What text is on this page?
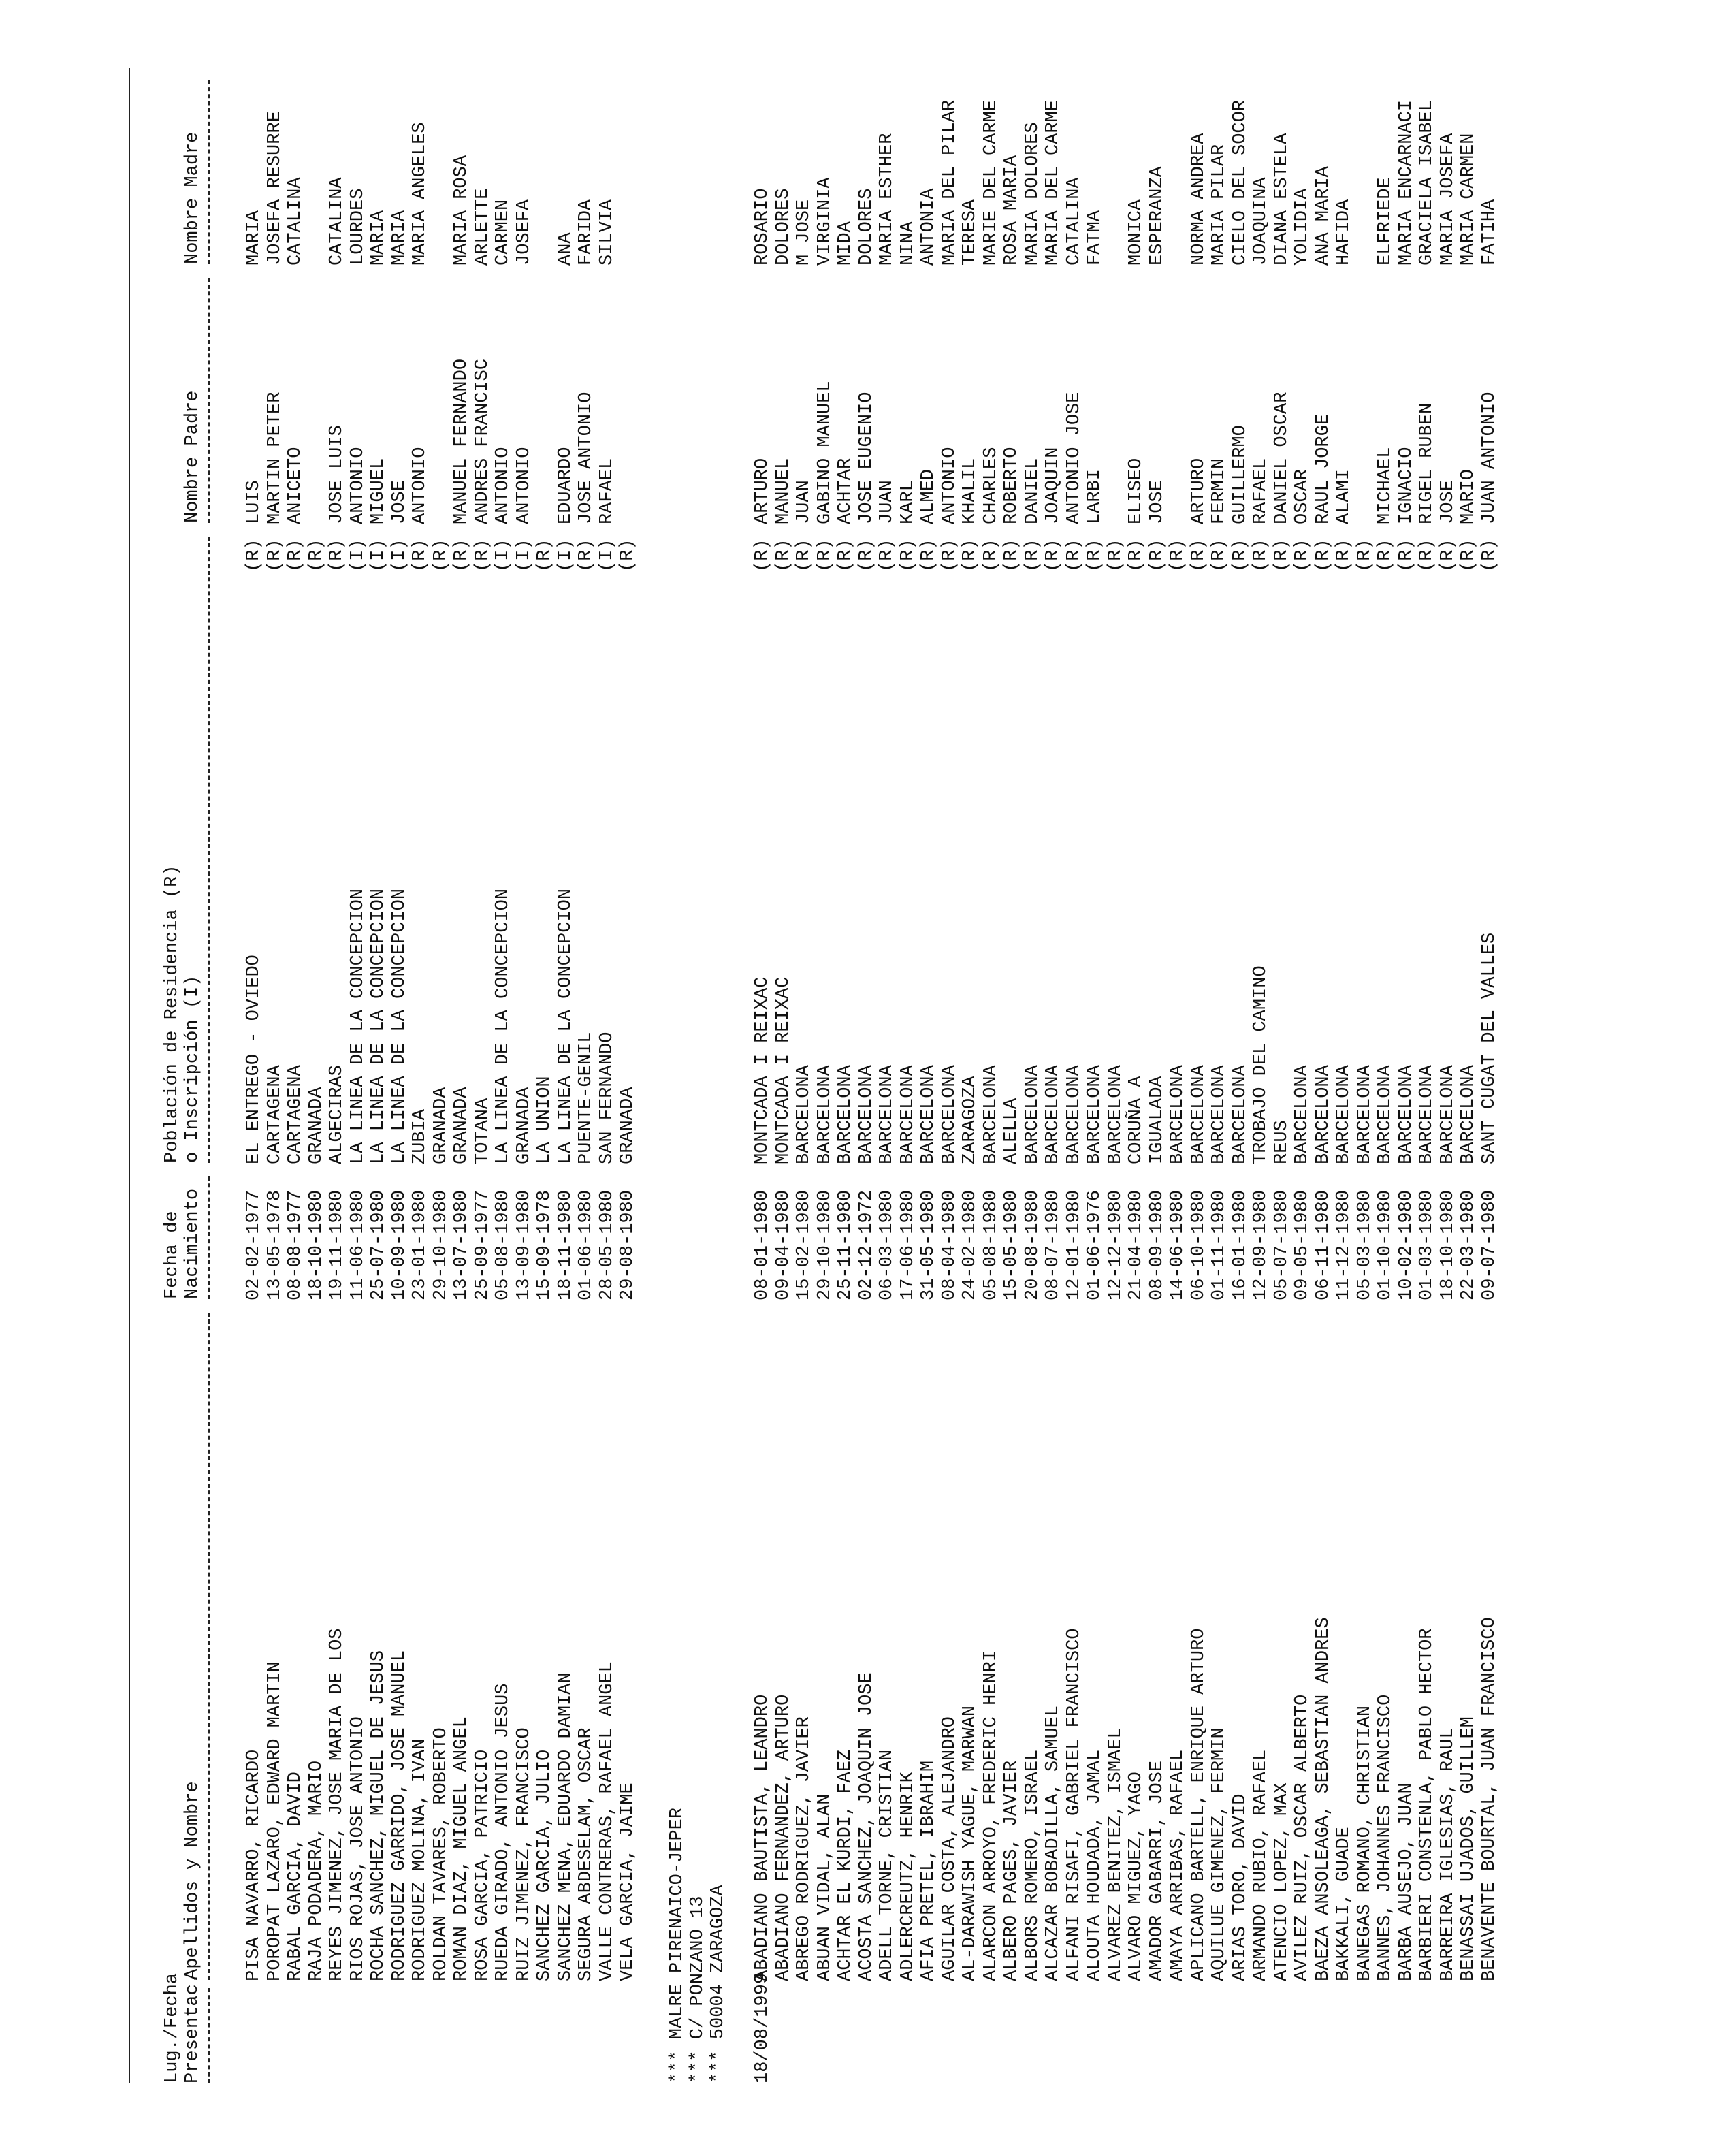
Lug./Fecha Presentac.
Apellidos y Nombre
Fecha de Nacimiento
Población de Residencia (R) o Inscripción (I)
Nombre Padre
Nombre Madre
PISA NAVARRO, RICARDO
02-02-1977
EL ENTREGO - OVIEDO
(R)
LUIS
MARIA
POROPAT LAZARO, EDWARD MARTIN
13-05-1978
CARTAGENA
(R)
MARTIN PETER
JOSEFA RESURRE
RABAL GARCIA, DAVID
08-08-1977
CARTAGENA
(R)
ANICETO
CATALINA
RAJA PODADERA, MARIO
18-10-1980
GRANADA
(R)
REYES JIMENEZ, JOSE MARIA DE LOS
19-11-1980
ALGECIRAS
(R)
JOSE LUIS
CATALINA
RIOS ROJAS, JOSE ANTONIO
11-06-1980
LA LINEA DE LA CONCEPCION
(I)
ANTONIO
LOURDES
ROCHA SANCHEZ, MIGUEL DE JESUS
25-07-1980
LA LINEA DE LA CONCEPCION
(I)
MIGUEL
MARIA
RODRIGUEZ GARRIDO, JOSE MANUEL
10-09-1980
LA LINEA DE LA CONCEPCION
(I)
JOSE
MARIA
RODRIGUEZ MOLINA, IVAN
23-01-1980
ZUBIA
(R)
ANTONIO
MARIA ANGELES
ROLDAN TAVARES, ROBERTO
29-10-1980
GRANADA
(R)
ROMAN DIAZ, MIGUEL ANGEL
13-07-1980
GRANADA
(R)
MANUEL FERNANDO
MARIA ROSA
ROSA GARCIA, PATRICIO
25-09-1977
TOTANA
(R)
ANDRES FRANCISC
ARLETTE
RUEDA GIRADO, ANTONIO JESUS
05-08-1980
LA LINEA DE LA CONCEPCION
(I)
ANTONIO
CARMEN
RUIZ JIMENEZ, FRANCISCO
13-09-1980
GRANADA
(I)
ANTONIO
JOSEFA
SANCHEZ GARCIA, JULIO
15-09-1978
LA UNION
(R)
SANCHEZ MENA, EDUARDO DAMIAN
18-11-1980
LA LINEA DE LA CONCEPCION
(I)
EDUARDO
ANA
SEGURA ABDESELAM, OSCAR
01-06-1980
PUENTE-GENIL
(R)
JOSE ANTONIO
FARIDA
VALLE CONTRERAS, RAFAEL ANGEL
28-05-1980
SAN FERNANDO
(I)
RAFAEL
SILVIA
VELA GARCIA, JAIME
29-08-1980
GRANADA
(R)
*** MALRE PIRENAICO-JEPER *** C/ PONZANO 13 *** 50004 ZARAGOZA 18/08/1999
ABADIANO BAUTISTA, LEANDRO
08-01-1980
MONTCADA I REIXAC
(R)
ARTURO
ROSARIO
ABADIANO FERNANDEZ, ARTURO
09-04-1980
MONTCADA I REIXAC
(R)
MANUEL
DOLORES
ABREGO RODRIGUEZ, JAVIER
15-02-1980
BARCELONA
(R)
JUAN
M JOSE
ABUAN VIDAL, ALAN
29-10-1980
BARCELONA
(R)
GABINO MANUEL
VIRGINIA
ACHTAR EL KURDI, FAEZ
25-11-1980
BARCELONA
(R)
ACHTAR
MIDA
ACOSTA SANCHEZ, JOAQUIN JOSE
02-12-1972
BARCELONA
(R)
JOSE EUGENIO
DOLORES
ADELL TORNE, CRISTIAN
06-03-1980
BARCELONA
(R)
JUAN
MARIA ESTHER
ADLERCREUTZ, HENRIK
17-06-1980
BARCELONA
(R)
KARL
NINA
AFIA PRETEL, IBRAHIM
31-05-1980
BARCELONA
(R)
ALMED
ANTONIA
AGUILAR COSTA, ALEJANDRO
08-04-1980
BARCELONA
(R)
ANTONIO
MARIA DEL PILAR
AL-DARAWISH YAGUE, MARWAN
24-02-1980
ZARAGOZA
(R)
KHALIL
TERESA
ALARCON ARROYO, FREDERIC HENRI
05-08-1980
BARCELONA
(R)
CHARLES
MARIE DEL CARME
ALBERO PAGES, JAVIER
15-05-1980
ALELLA
(R)
ROBERTO
ROSA MARIA
ALBORS ROMERO, ISRAEL
20-08-1980
BARCELONA
(R)
DANIEL
MARIA DOLORES
ALCAZAR BOBADILLA, SAMUEL
08-07-1980
BARCELONA
(R)
JOAQUIN
MARIA DEL CARME
ALFANI RISAFI, GABRIEL FRANCISCO
12-01-1980
BARCELONA
(R)
ANTONIO JOSE
CATALINA
ALOUTA HOUDADA, JAMAL
01-06-1976
BARCELONA
(R)
LARBI
FATMA
ALVAREZ BENITEZ, ISMAEL
12-12-1980
BARCELONA
(R)
ALVARO MIGUEZ, YAGO
21-04-1980
CORUÑA A
(R)
ELISEO
MONICA
AMADOR GABARRI, JOSE
08-09-1980
IGUALADA
(R)
JOSE
ESPERANZA
AMAYA ARRIBAS, RAFAEL
14-06-1980
BARCELONA
(R)
APLICANO BARTELL, ENRIQUE ARTURO
06-10-1980
BARCELONA
(R)
ARTURO
NORMA ANDREA
AQUILUE GIMENEZ, FERMIN
01-11-1980
BARCELONA
(R)
FERMIN
MARIA PILAR
ARIAS TORO, DAVID
16-01-1980
BARCELONA
(R)
GUILLERMO
CIELO DEL SOCOR
ARMANDO RUBIO, RAFAEL
12-09-1980
TROBAJO DEL CAMINO
(R)
RAFAEL
JOAQUINA
ATENCIO LOPEZ, MAX
05-07-1980
REUS
(R)
DANIEL OSCAR
DIANA ESTELA
AVILEZ RUIZ, OSCAR ALBERTO
09-05-1980
BARCELONA
(R)
OSCAR
YOLIDIA
BAEZA ANSOLEAGA, SEBASTIAN ANDRES
06-11-1980
BARCELONA
(R)
RAUL JORGE
ANA MARIA
BAKKALI, GUADE
11-12-1980
BARCELONA
(R)
ALAMI
HAFIDA
BANEGAS ROMANO, CHRISTIAN
05-03-1980
BARCELONA
(R)
BANNES, JOHANNES FRANCISCO
01-10-1980
BARCELONA
(R)
MICHAEL
ELFRIEDE
BARBA AUSEJO, JUAN
10-02-1980
BARCELONA
(R)
IGNACIO
MARIA ENCARNACI
BARBIERI CONSTENLA, PABLO HECTOR
01-03-1980
BARCELONA
(R)
RIGEL RUBEN
GRACIELA ISABEL
BARREIRA IGLESIAS, RAUL
18-10-1980
BARCELONA
(R)
JOSE
MARIA JOSEFA
BENASSAI UJADOS, GUILLEM
22-03-1980
BARCELONA
(R)
MARIO
MARIA CARMEN
BENAVENTE BOURTAL, JUAN FRANCISCO
09-07-1980
SANT CUGAT DEL VALLES
(R)
JUAN ANTONIO
FATIHA
